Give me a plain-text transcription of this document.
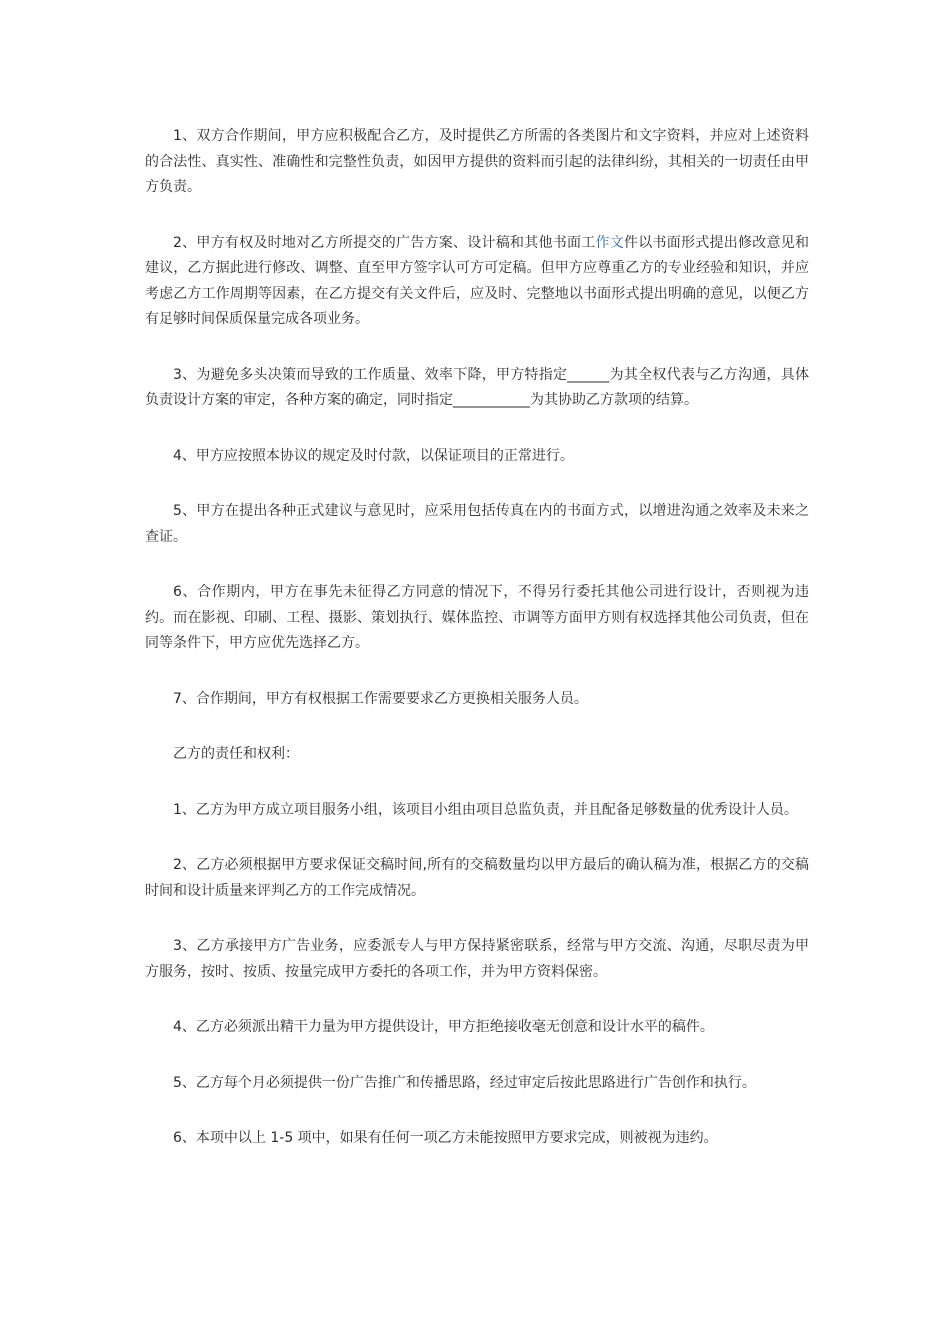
1、双方合作期间，甲方应积极配合乙方，及时提供乙方所需的各类图片和文字资料，并应对上述资料的合法性、真实性、准确性和完整性负责，如因甲方提供的资料而引起的法律纠纷，其相关的一切责任由甲方负责。

2、甲方有权及时地对乙方所提交的广告方案、设计稿和其他书面工作文件以书面形式提出修改意见和建议，乙方据此进行修改、调整、直至甲方签字认可方可定稿。但甲方应尊重乙方的专业经验和知识，并应考虑乙方工作周期等因素，在乙方提交有关文件后，应及时、完整地以书面形式提出明确的意见，以便乙方有足够时间保质保量完成各项业务。

3、为避免多头决策而导致的工作质量、效率下降，甲方特指定______为其全权代表与乙方沟通，具体负责设计方案的审定，各种方案的确定，同时指定___________为其协助乙方款项的结算。

4、甲方应按照本协议的规定及时付款，以保证项目的正常进行。

5、甲方在提出各种正式建议与意见时，应采用包括传真在内的书面方式，以增进沟通之效率及未来之查证。

6、合作期内，甲方在事先未征得乙方同意的情况下，不得另行委托其他公司进行设计，否则视为违约。而在影视、印刷、工程、摄影、策划执行、媒体监控、市调等方面甲方则有权选择其他公司负责，但在同等条件下，甲方应优先选择乙方。

7、合作期间，甲方有权根据工作需要要求乙方更换相关服务人员。

乙方的责任和权利：

1、乙方为甲方成立项目服务小组，该项目小组由项目总监负责，并且配备足够数量的优秀设计人员。

2、乙方必须根据甲方要求保证交稿时间,所有的交稿数量均以甲方最后的确认稿为准，根据乙方的交稿时间和设计质量来评判乙方的工作完成情况。

3、乙方承接甲方广告业务，应委派专人与甲方保持紧密联系，经常与甲方交流、沟通，尽职尽责为甲方服务，按时、按质、按量完成甲方委托的各项工作，并为甲方资料保密。

4、乙方必须派出精干力量为甲方提供设计，甲方拒绝接收毫无创意和设计水平的稿件。

5、乙方每个月必须提供一份广告推广和传播思路，经过审定后按此思路进行广告创作和执行。

6、本项中以上 1-5 项中，如果有任何一项乙方未能按照甲方要求完成，则被视为违约。
